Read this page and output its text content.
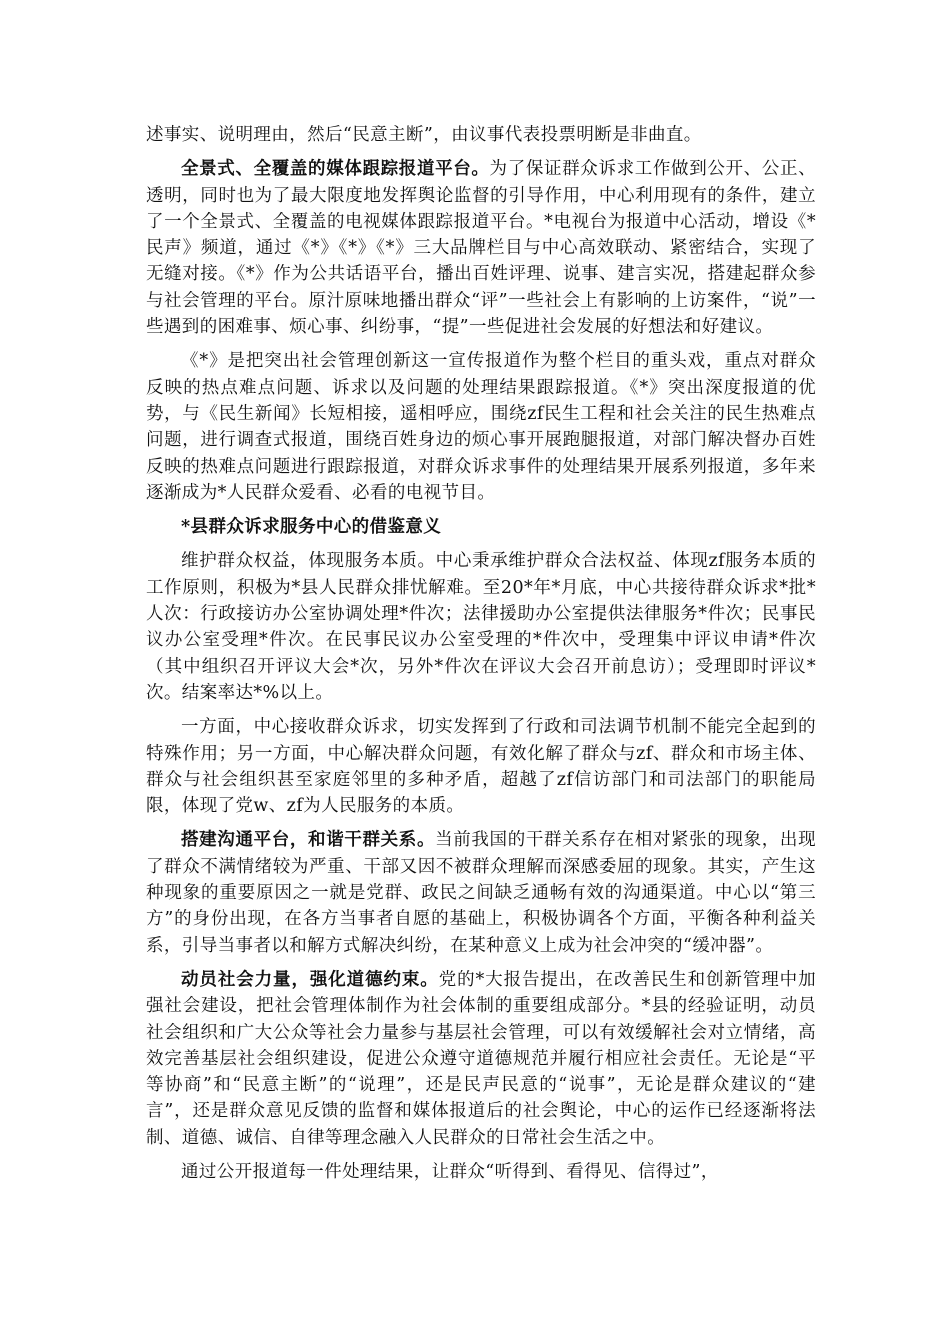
述事实、说明理由，然后“民意主断”，由议事代表投票明断是非曲直。

全景式、全覆盖的媒体跟踪报道平台。为了保证群众诉求工作做到公开、公正、透明，同时也为了最大限度地发挥舆论监督的引导作用，中心利用现有的条件，建立了一个全景式、全覆盖的电视媒体跟踪报道平台。*电视台为报道中心活动，增设《*民声》频道，通过《*》《*》《*》三大品牌栏目与中心高效联动、紧密结合，实现了无缝对接。《*》作为公共话语平台，播出百姓评理、说事、建言实况，搭建起群众参与社会管理的平台。原汁原味地播出群众“评”一些社会上有影响的上访案件，“说”一些遇到的困难事、烦心事、纠纷事，“提”一些促进社会发展的好想法和好建议。

《*》是把突出社会管理创新这一宣传报道作为整个栏目的重头戏，重点对群众反映的热点难点问题、诉求以及问题的处理结果跟踪报道。《*》突出深度报道的优势，与《民生新闻》长短相接，遥相呼应，围绕zf民生工程和社会关注的民生热难点问题，进行调查式报道，围绕百姓身边的烦心事开展跑腿报道，对部门解决督办百姓反映的热难点问题进行跟踪报道，对群众诉求事件的处理结果开展系列报道，多年来逐渐成为*人民群众爱看、必看的电视节目。

*县群众诉求服务中心的借鉴意义

维护群众权益，体现服务本质。中心秉承维护群众合法权益、体现zf服务本质的工作原则，积极为*县人民群众排忧解难。至20*年*月底，中心共接待群众诉求*批*人次：行政接访办公室协调处理*件次；法律援助办公室提供法律服务*件次；民事民议办公室受理*件次。在民事民议办公室受理的*件次中，受理集中评议申请*件次（其中组织召开评议大会*次，另外*件次在评议大会召开前息访）；受理即时评议*次。结案率达*%以上。

一方面，中心接收群众诉求，切实发挥到了行政和司法调节机制不能完全起到的特殊作用；另一方面，中心解决群众问题，有效化解了群众与zf、群众和市场主体、群众与社会组织甚至家庭邻里的多种矛盾，超越了zf信访部门和司法部门的职能局限，体现了党w、zf为人民服务的本质。

搭建沟通平台，和谐干群关系。当前我国的干群关系存在相对紧张的现象，出现了群众不满情绪较为严重、干部又因不被群众理解而深感委屈的现象。其实，产生这种现象的重要原因之一就是党群、政民之间缺乏通畅有效的沟通渠道。中心以“第三方”的身份出现，在各方当事者自愿的基础上，积极协调各个方面，平衡各种利益关系，引导当事者以和解方式解决纠纷，在某种意义上成为社会冲突的“缓冲器”。

动员社会力量，强化道德约束。党的*大报告提出，在改善民生和创新管理中加强社会建设，把社会管理体制作为社会体制的重要组成部分。*县的经验证明，动员社会组织和广大公众等社会力量参与基层社会管理，可以有效缓解社会对立情绪，高效完善基层社会组织建设，促进公众遵守道德规范并履行相应社会责任。无论是“平等协商”和“民意主断”的“说理”，还是民声民意的“说事”，无论是群众建议的“建言”，还是群众意见反馈的监督和媒体报道后的社会舆论，中心的运作已经逐渐将法制、道德、诚信、自律等理念融入人民群众的日常社会生活之中。

通过公开报道每一件处理结果，让群众“听得到、看得见、信得过”，
